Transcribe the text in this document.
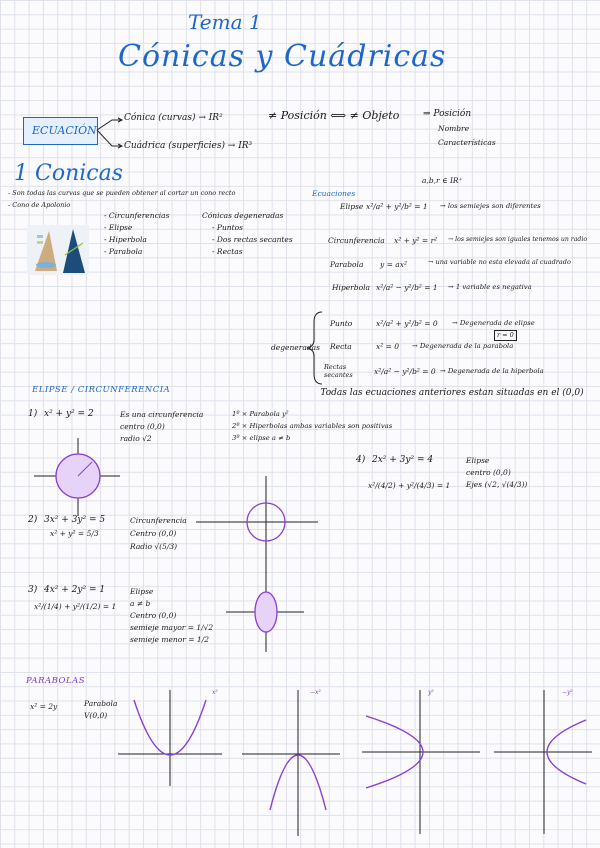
Tema 1
Cónicas y Cuádricas
ECUACIÓN
Cónica (curvas) → IR²
Cuádrica (superficies) → IR³
≠ Posición ⟺ ≠ Objeto	⇒ Posición
Nombre
Características
1 Conicas
- Son todas las curvas que se pueden obtener al cortar un cono recto
- Cono de Apolonio
- Circunferencias
- Elipse
- Hiperbola
- Parabola
Cónicas degeneradas
- Puntos
- Dos rectas secantes
- Rectas
a,b,r ∈ IR⁺
Ecuaciones
Elipse x²/a² + y²/b² = 1 → los semiejes son diferentes
Circunferencia x² + y² = r² → los semiejes son iguales tenemos un radio
Parabola y = ax²	→ una variable no esta elevada al cuadrado
Hiperbola x²/a² − y²/b² = 1 → 1 variable es negativa
degeneradas
Punto	x²/a² + y²/b² = 0 → Degenerada de elipse
r = 0
Recta	x² = 0 → Degenerada de la parabola
Rectas secantes	x²/a² − y²/b² = 0 → Degenerada de la hiperbola
Todas las ecuaciones anteriores estan situadas en el (0,0)
ELIPSE / CIRCUNFERENCIA
1) x² + y² = 2	Es una circunferencia
centro (0,0)
radio √2
1º × Parabola y²
2º × Hiperbolas ambas variables son positivas
3º × elipse a ≠ b
4) 2x² + 3y² = 4
x²/(4/2) + y²/(4/3) = 1
Elipse
centro (0,0)
Ejes (√2, √(4/3))
2) 3x² + 3y² = 5
x² + y² = 5/3
Circunferencia
Centro (0,0)
Radio √(5/3)
3) 4x² + 2y² = 1
x²/(1/4) + y²/(1/2) = 1
Elipse
a ≠ b
Centro (0,0)
semieje mayor = 1/√2
semieje menor = 1/2
PARABOLAS
x² = 2y	Parabola
V(0,0)
x²	−x²	y²	−y²
